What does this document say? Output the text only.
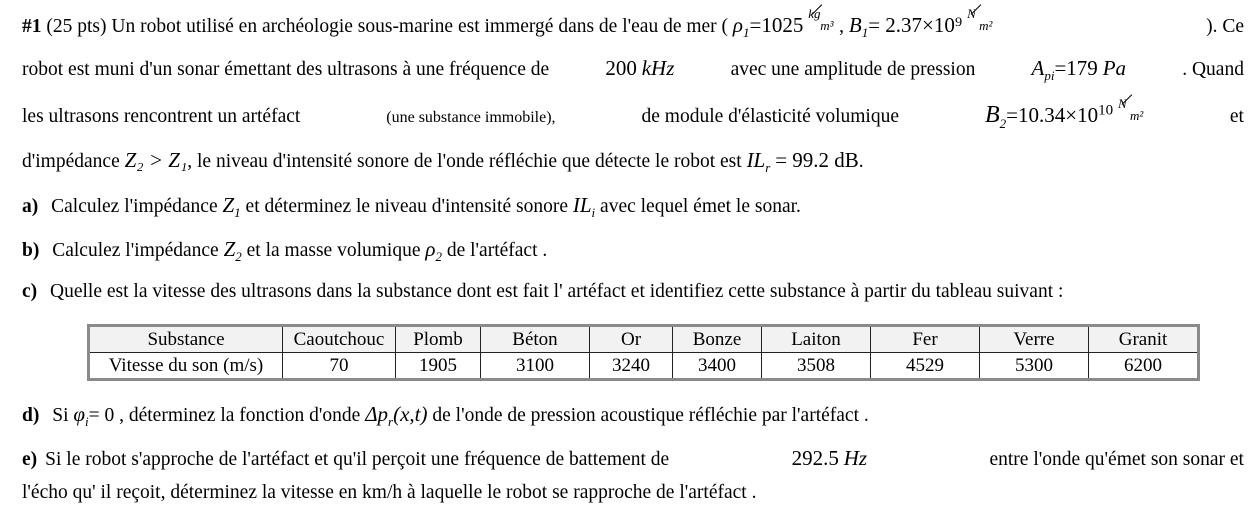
#1 (25 pts) Un robot utilisé en archéologie sous-marine est immergé dans de l'eau de mer ( $\rho_1=1025$ kg
m³ , $B_1= 2.37\times 10^9$ N
m²	). Ce
robot est muni d'un sonar émettant des ultrasons à une fréquence de	200 kHz	avec une amplitude de pression	$A_{pi}=179$ Pa	. Quand
les ultrasons rencontrent un artéfact	(une substance immobile),	de module d'élasticité volumique	$B_2=10.34\times 10^{10}$ N
m²	et
d'impédance Z₂ > Z₁, le niveau d'intensité sonore de l'onde réfléchie que détecte le robot est $IL_r = 99.2$ dB.
a) Calculez l'impédance $Z_1$ et déterminez le niveau d'intensité sonore $IL_i$ avec lequel émet le sonar.
b) Calculez l'impédance $Z_2$ et la masse volumique $\rho_2$ de l'artéfact .
c) Quelle est la vitesse des ultrasons dans la substance dont est fait l' artéfact et identifiez cette substance à partir du tableau suivant :
d) Si $\varphi_i= 0$ , déterminez la fonction d'onde $\Delta p_r(x,t)$ de l'onde de pression acoustique réfléchie par l'artéfact .
e) Si le robot s'approche de l'artéfact et qu'il perçoit une fréquence de battement de	292.5 Hz	entre l'onde qu'émet son sonar et
l'écho qu' il reçoit, déterminez la vitesse en km/h à laquelle le robot se rapproche de l'artéfact .
Substance	Caoutchouc	Plomb	Béton	Or	Bonze	Laiton	Fer	Verre	Granit
Vitesse du son (m/s)	70	1905	3100	3240	3400	3508	4529	5300	6200
